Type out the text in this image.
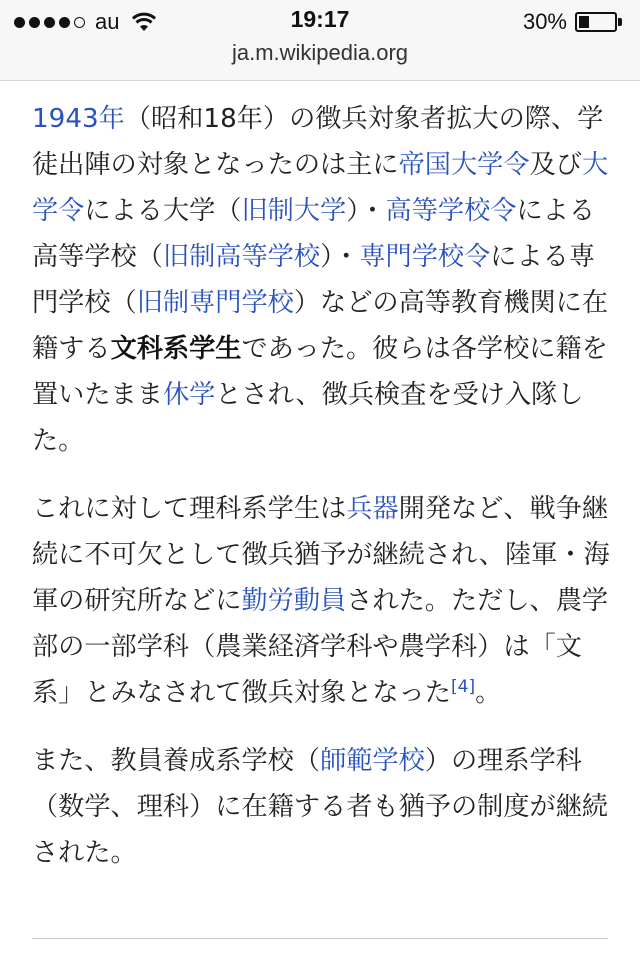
au	19:17	30%
ja.m.wikipedia.org

1943年（昭和18年）の徴兵対象者拡大の際、学徒出陣の対象となったのは主に帝国大学令及び大学令による大学（旧制大学）・高等学校令による高等学校（旧制高等学校）・専門学校令による専門学校（旧制専門学校）などの高等教育機関に在籍する文科系学生であった。彼らは各学校に籍を置いたまま休学とされ、徴兵検査を受け入隊した。

これに対して理科系学生は兵器開発など、戦争継続に不可欠として徴兵猶予が継続され、陸軍・海軍の研究所などに勤労動員された。ただし、農学部の一部学科（農業経済学科や農学科）は「文系」とみなされて徴兵対象となった[4]。

また、教員養成系学校（師範学校）の理系学科（数学、理科）に在籍する者も猶予の制度が継続された。
